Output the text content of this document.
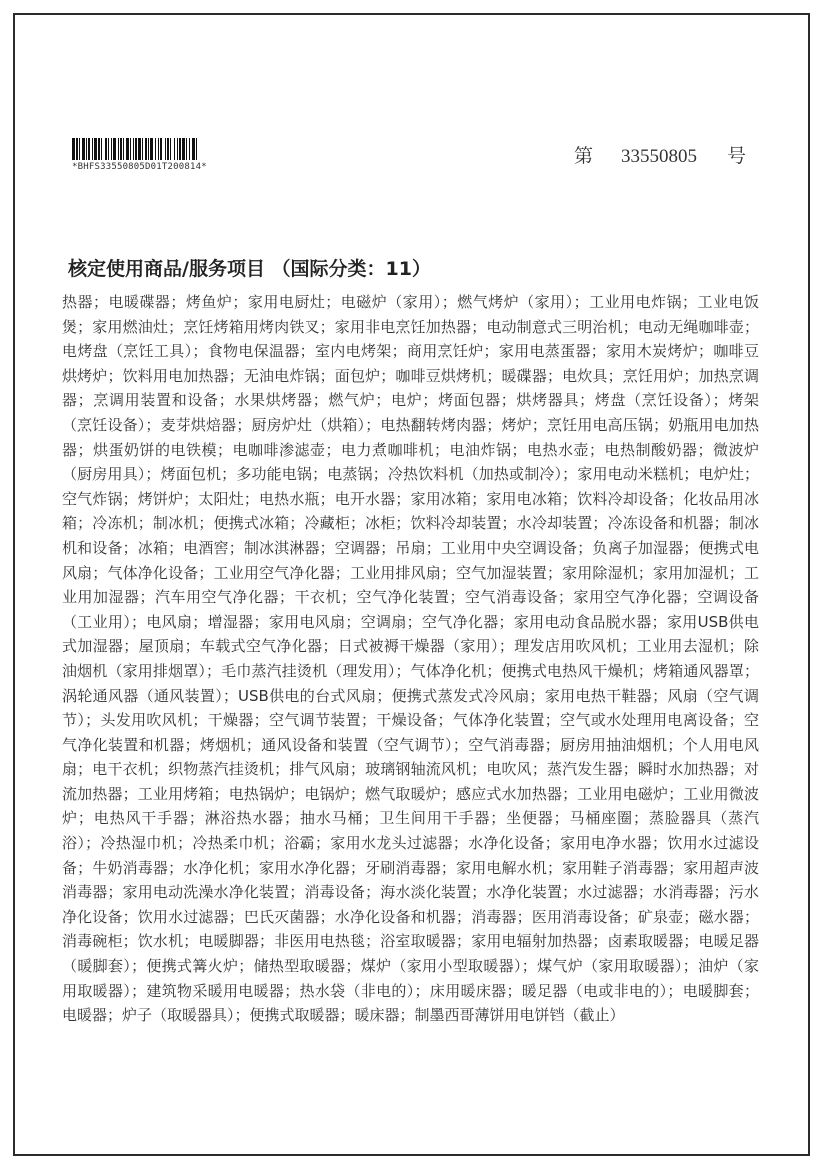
*BHFS33550805D01T200814*	第 33550805 号
核定使用商品/服务项目 （国际分类：11）
热器；电暖碟器；烤鱼炉；家用电厨灶；电磁炉（家用）；燃气烤炉（家用）；工业用电炸锅；工业电饭煲；家用燃油灶；烹饪烤箱用烤肉铁叉；家用非电烹饪加热器；电动制意式三明治机；电动无绳咖啡壶；电烤盘（烹饪工具）；食物电保温器；室内电烤架；商用烹饪炉；家用电蒸蛋器；家用木炭烤炉；咖啡豆烘烤炉；饮料用电加热器；无油电炸锅；面包炉；咖啡豆烘烤机；暖碟器；电炊具；烹饪用炉；加热烹调器；烹调用装置和设备；水果烘烤器；燃气炉；电炉；烤面包器；烘烤器具；烤盘（烹饪设备）；烤架（烹饪设备）；麦芽烘焙器；厨房炉灶（烘箱）；电热翻转烤肉器；烤炉；烹饪用电高压锅；奶瓶用电加热器；烘蛋奶饼的电铁模；电咖啡渗滤壶；电力煮咖啡机；电油炸锅；电热水壶；电热制酸奶器；微波炉（厨房用具）；烤面包机；多功能电锅；电蒸锅；冷热饮料机（加热或制冷）；家用电动米糕机；电炉灶；空气炸锅；烤饼炉；太阳灶；电热水瓶；电开水器；家用冰箱；家用电冰箱；饮料冷却设备；化妆品用冰箱；冷冻机；制冰机；便携式冰箱；冷藏柜；冰柜；饮料冷却装置；水冷却装置；冷冻设备和机器；制冰机和设备；冰箱；电酒窖；制冰淇淋器；空调器；吊扇；工业用中央空调设备；负离子加湿器；便携式电风扇；气体净化设备；工业用空气净化器；工业用排风扇；空气加湿装置；家用除湿机；家用加湿机；工业用加湿器；汽车用空气净化器；干衣机；空气净化装置；空气消毒设备；家用空气净化器；空调设备（工业用）；电风扇；增湿器；家用电风扇；空调扇；空气净化器；家用电动食品脱水器；家用USB供电式加湿器；屋顶扇；车载式空气净化器；日式被褥干燥器（家用）；理发店用吹风机；工业用去湿机；除油烟机（家用排烟罩）；毛巾蒸汽挂烫机（理发用）；气体净化机；便携式电热风干燥机；烤箱通风器罩；涡轮通风器（通风装置）；USB供电的台式风扇；便携式蒸发式冷风扇；家用电热干鞋器；风扇（空气调节）；头发用吹风机；干燥器；空气调节装置；干燥设备；气体净化装置；空气或水处理用电离设备；空气净化装置和机器；烤烟机；通风设备和装置（空气调节）；空气消毒器；厨房用抽油烟机；个人用电风扇；电干衣机；织物蒸汽挂烫机；排气风扇；玻璃钢轴流风机；电吹风；蒸汽发生器；瞬时水加热器；对流加热器；工业用烤箱；电热锅炉；电锅炉；燃气取暖炉；感应式水加热器；工业用电磁炉；工业用微波炉；电热风干手器；淋浴热水器；抽水马桶；卫生间用干手器；坐便器；马桶座圈；蒸脸器具（蒸汽浴）；冷热湿巾机；冷热柔巾机；浴霸；家用水龙头过滤器；水净化设备；家用电净水器；饮用水过滤设备；牛奶消毒器；水净化机；家用水净化器；牙刷消毒器；家用电解水机；家用鞋子消毒器；家用超声波消毒器；家用电动洗澡水净化装置；消毒设备；海水淡化装置；水净化装置；水过滤器；水消毒器；污水净化设备；饮用水过滤器；巴氏灭菌器；水净化设备和机器；消毒器；医用消毒设备；矿泉壶；磁水器；消毒碗柜；饮水机；电暖脚器；非医用电热毯；浴室取暖器；家用电辐射加热器；卤素取暖器；电暖足器（暖脚套）；便携式篝火炉；储热型取暖器；煤炉（家用小型取暖器）；煤气炉（家用取暖器）；油炉（家用取暖器）；建筑物采暖用电暖器；热水袋（非电的）；床用暖床器；暖足器（电或非电的）；电暖脚套；电暖器；炉子（取暖器具）；便携式取暖器；暖床器；制墨西哥薄饼用电饼铛（截止）
